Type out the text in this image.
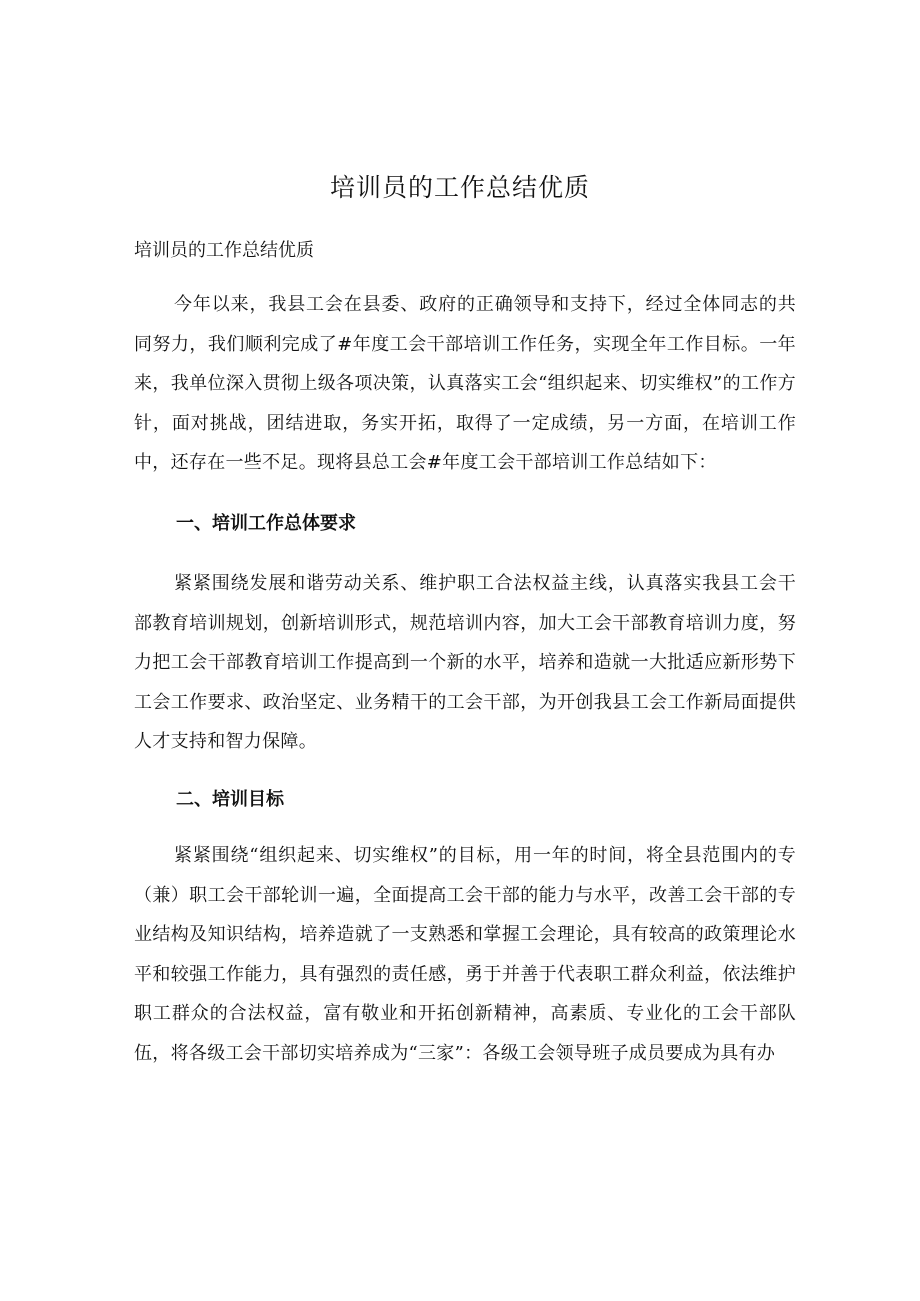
培训员的工作总结优质

培训员的工作总结优质

今年以来，我县工会在县委、政府的正确领导和支持下，经过全体同志的共同努力，我们顺利完成了#年度工会干部培训工作任务，实现全年工作目标。一年来，我单位深入贯彻上级各项决策，认真落实工会“组织起来、切实维权”的工作方针，面对挑战，团结进取，务实开拓，取得了一定成绩，另一方面，在培训工作中，还存在一些不足。现将县总工会#年度工会干部培训工作总结如下：

一、培训工作总体要求

紧紧围绕发展和谐劳动关系、维护职工合法权益主线，认真落实我县工会干部教育培训规划，创新培训形式，规范培训内容，加大工会干部教育培训力度，努力把工会干部教育培训工作提高到一个新的水平，培养和造就一大批适应新形势下工会工作要求、政治坚定、业务精干的工会干部，为开创我县工会工作新局面提供人才支持和智力保障。

二、培训目标

紧紧围绕“组织起来、切实维权”的目标，用一年的时间，将全县范围内的专（兼）职工会干部轮训一遍，全面提高工会干部的能力与水平，改善工会干部的专业结构及知识结构，培养造就了一支熟悉和掌握工会理论，具有较高的政策理论水平和较强工作能力，具有强烈的责任感，勇于并善于代表职工群众利益，依法维护职工群众的合法权益，富有敬业和开拓创新精神，高素质、专业化的工会干部队伍，将各级工会干部切实培养成为“三家”：各级工会领导班子成员要成为具有办
